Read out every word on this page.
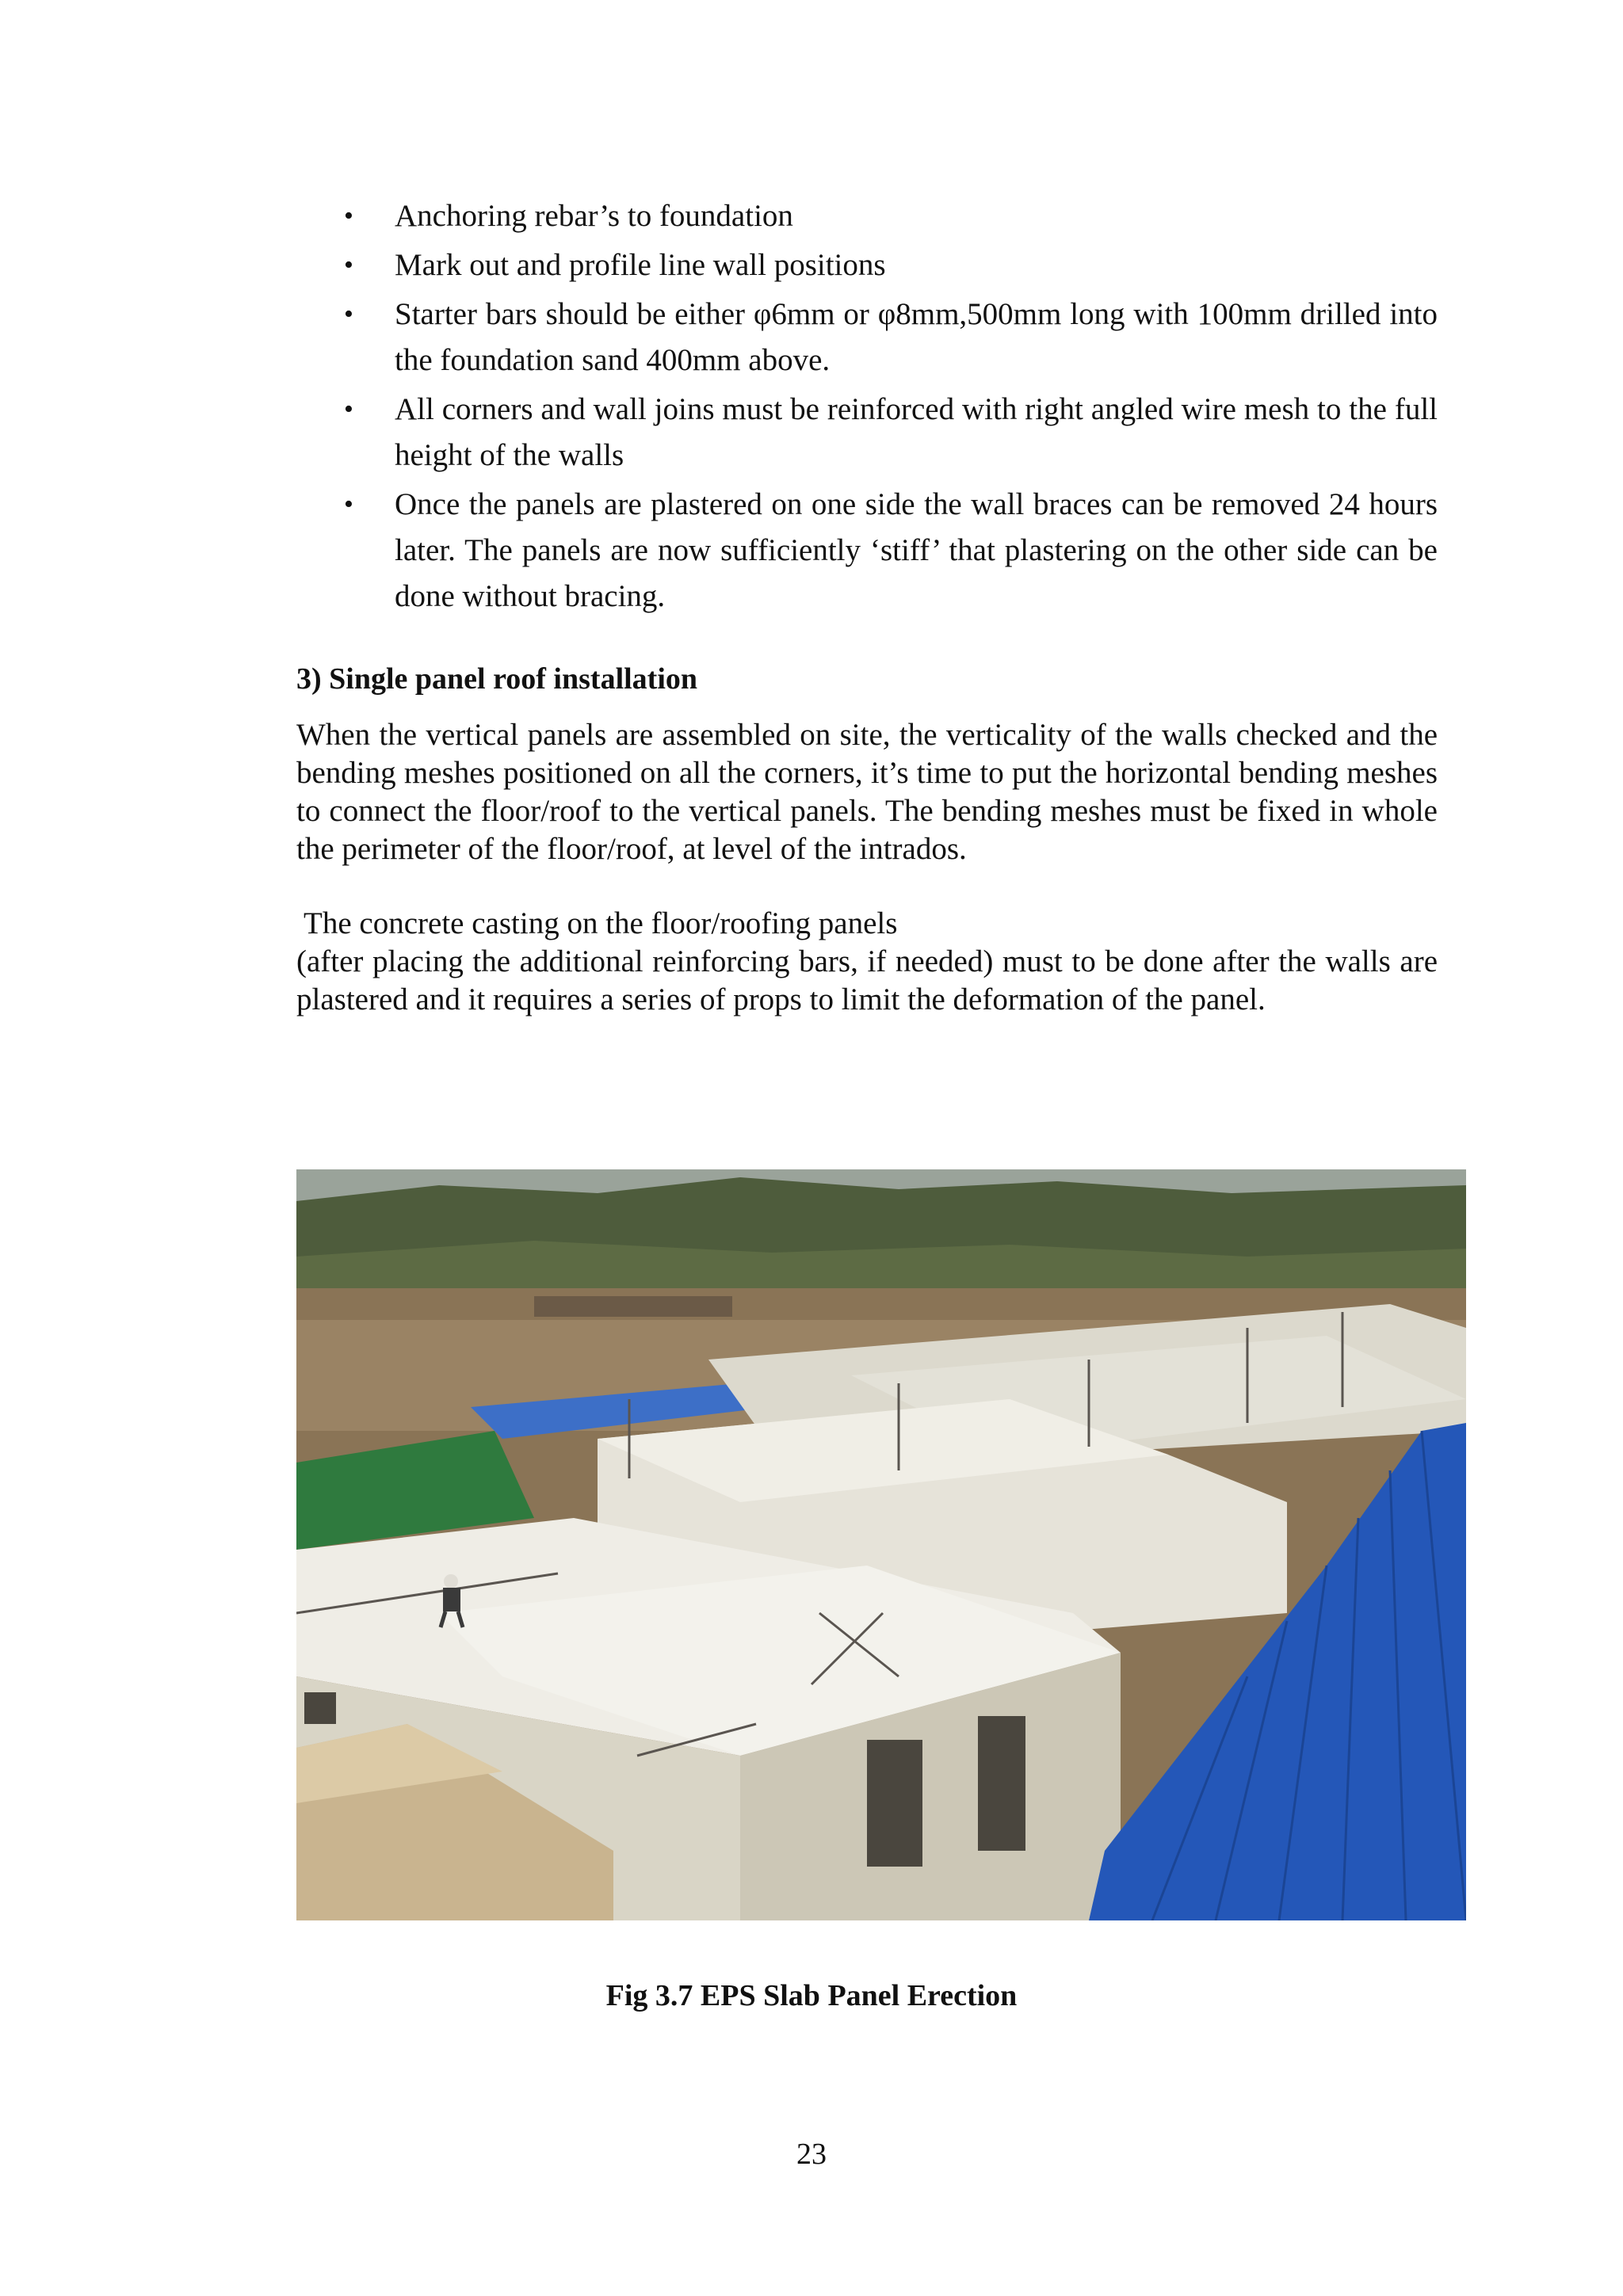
• Anchoring rebar’s to foundation
• Mark out and profile line wall positions
• Starter bars should be either φ6mm or φ8mm,500mm long with 100mm drilled into the foundation sand 400mm above.
• All corners and wall joins must be reinforced with right angled wire mesh to the full height of the walls
• Once the panels are plastered on one side the wall braces can be removed 24 hours later. The panels are now sufficiently ‘stiff’ that plastering on the other side can be done without bracing.
3) Single panel roof installation

When the vertical panels are assembled on site, the verticality of the walls checked and the bending meshes positioned on all the corners, it’s time to put the horizontal bending meshes to connect the floor/roof to the vertical panels. The bending meshes must be fixed in whole the perimeter of the floor/roof, at level of the intrados.

The concrete casting on the floor/roofing panels

(after placing the additional reinforcing bars, if needed) must to be done after the walls are plastered and it requires a series of props to limit the deformation of the panel.

Fig 3.7 EPS Slab Panel Erection
23
